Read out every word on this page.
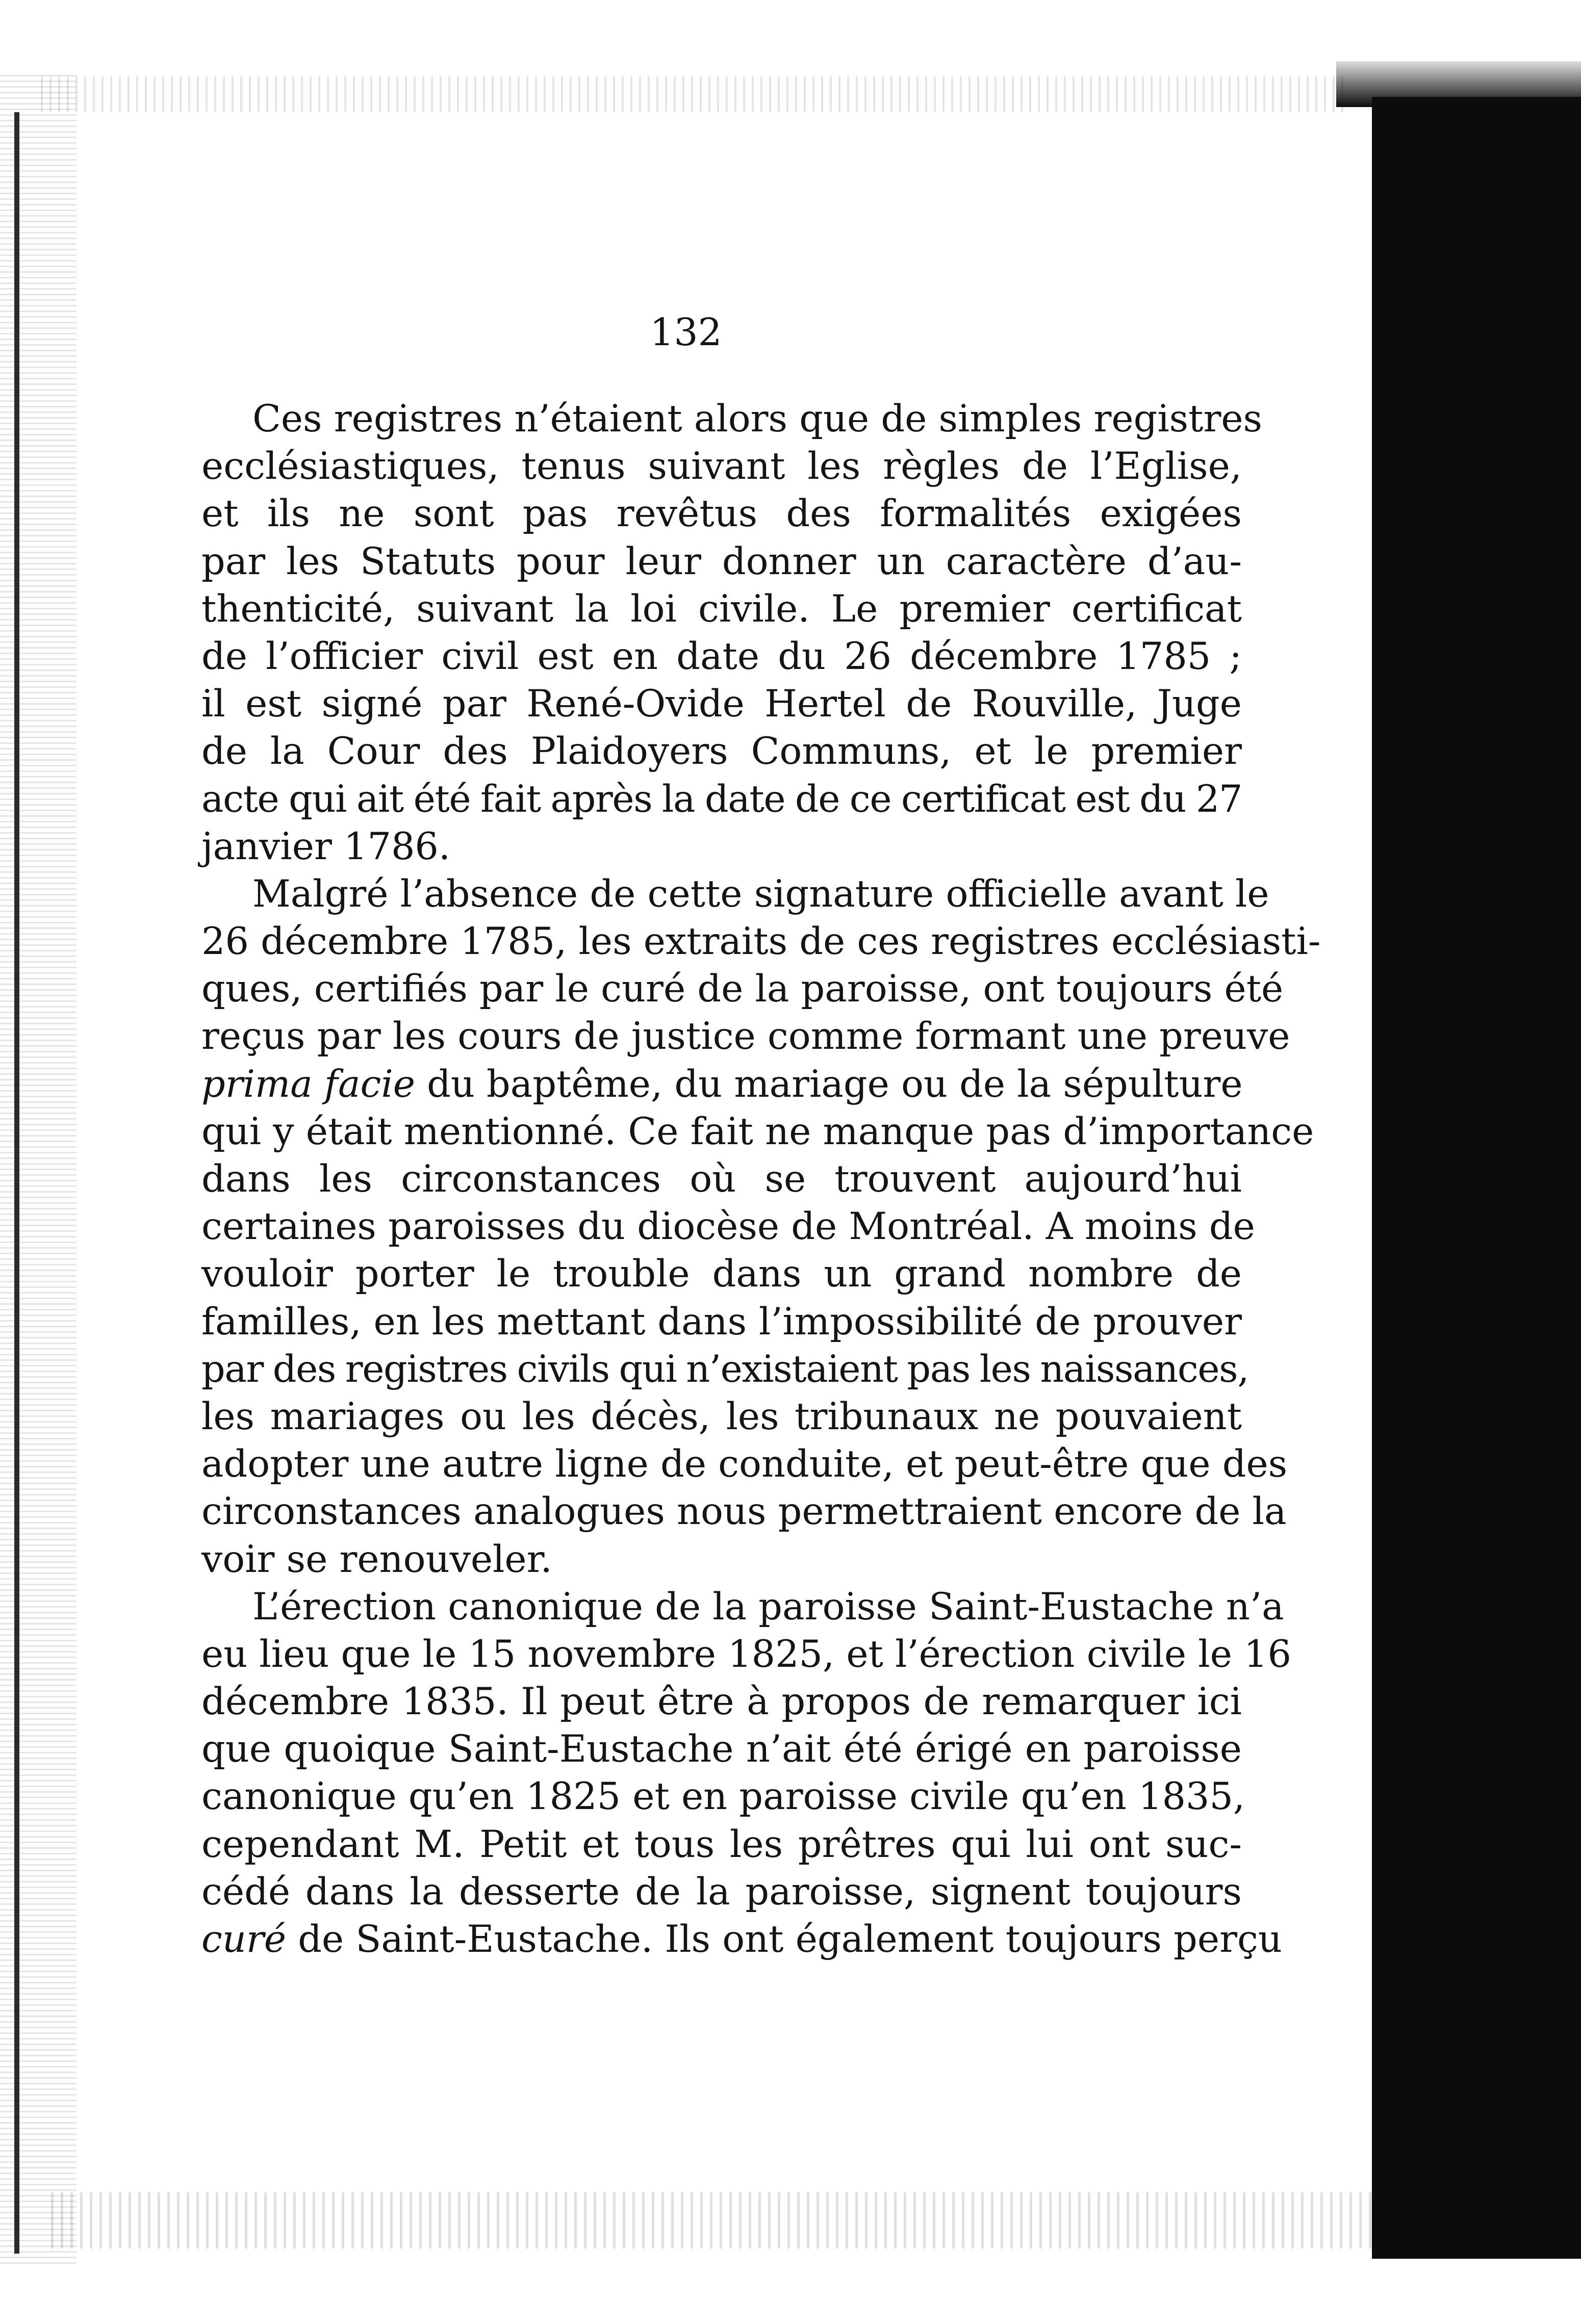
132
Ces registres n’étaient alors que de simples registres
ecclésiastiques, tenus suivant les règles de l’Eglise,
et ils ne sont pas revêtus des formalités exigées
par les Statuts pour leur donner un caractère d’au-
thenticité, suivant la loi civile. Le premier certificat
de l’officier civil est en date du 26 décembre 1785 ;
il est signé par René-Ovide Hertel de Rouville, Juge
de la Cour des Plaidoyers Communs, et le premier
acte qui ait été fait après la date de ce certificat est du 27
janvier 1786.
Malgré l’absence de cette signature officielle avant le
26 décembre 1785, les extraits de ces registres ecclésiasti-
ques, certifiés par le curé de la paroisse, ont toujours été
reçus par les cours de justice comme formant une preuve
prima facie du baptême, du mariage ou de la sépulture
qui y était mentionné. Ce fait ne manque pas d’importance
dans les circonstances où se trouvent aujourd’hui
certaines paroisses du diocèse de Montréal. A moins de
vouloir porter le trouble dans un grand nombre de
familles, en les mettant dans l’impossibilité de prouver
par des registres civils qui n’existaient pas les naissances,
les mariages ou les décès, les tribunaux ne pouvaient
adopter une autre ligne de conduite, et peut-être que des
circonstances analogues nous permettraient encore de la
voir se renouveler.
L’érection canonique de la paroisse Saint-Eustache n’a
eu lieu que le 15 novembre 1825, et l’érection civile le 16
décembre 1835. Il peut être à propos de remarquer ici
que quoique Saint-Eustache n’ait été érigé en paroisse
canonique qu’en 1825 et en paroisse civile qu’en 1835,
cependant M. Petit et tous les prêtres qui lui ont suc-
cédé dans la desserte de la paroisse, signent toujours
curé de Saint-Eustache. Ils ont également toujours perçu
